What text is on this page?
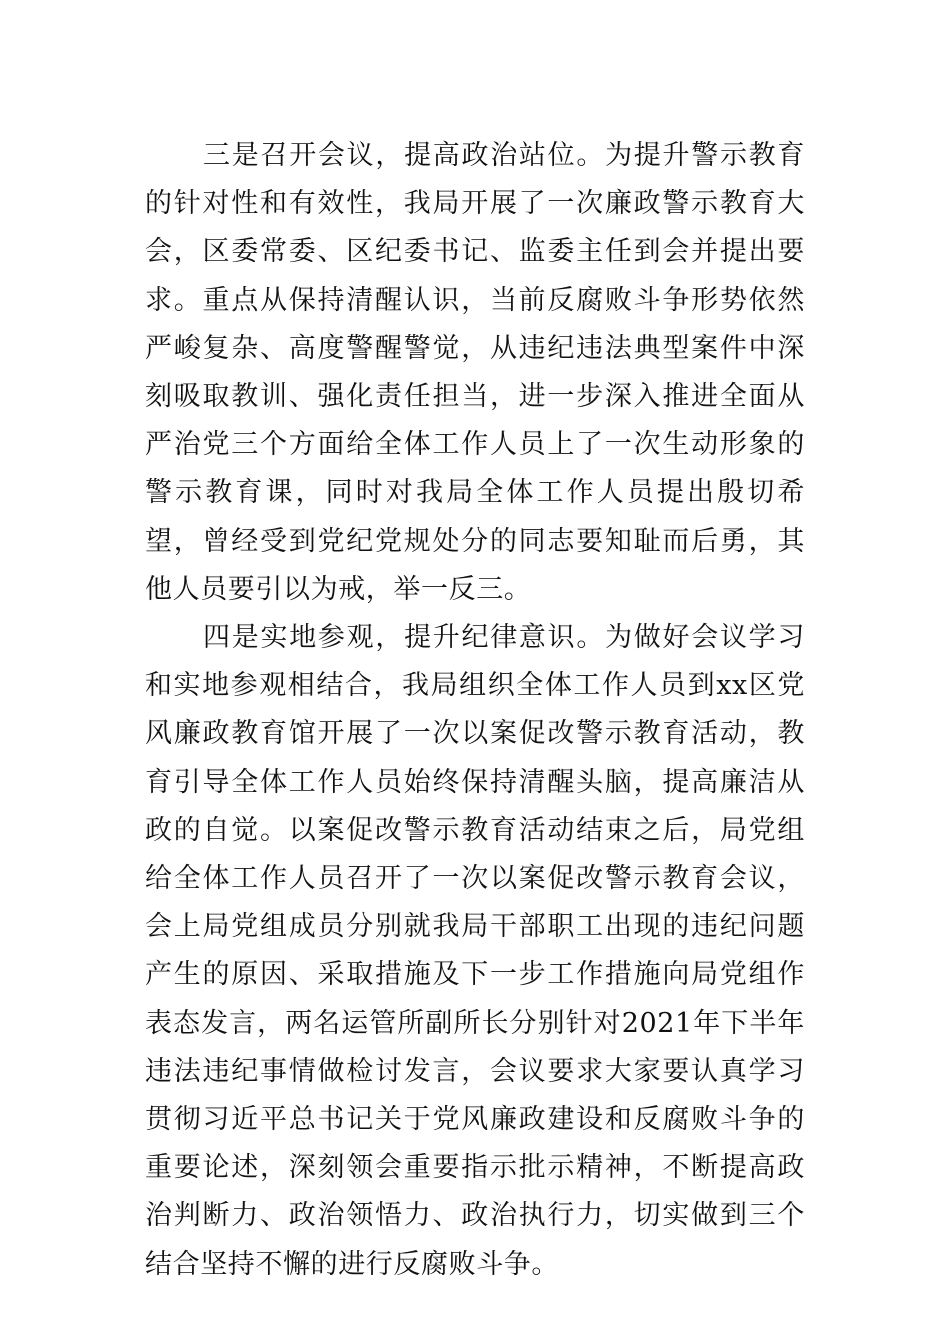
三是召开会议，提高政治站位。为提升警示教育的针对性和有效性，我局开展了一次廉政警示教育大会，区委常委、区纪委书记、监委主任到会并提出要求。重点从保持清醒认识，当前反腐败斗争形势依然严峻复杂、高度警醒警觉，从违纪违法典型案件中深刻吸取教训、强化责任担当，进一步深入推进全面从严治党三个方面给全体工作人员上了一次生动形象的警示教育课，同时对我局全体工作人员提出殷切希望，曾经受到党纪党规处分的同志要知耻而后勇，其他人员要引以为戒，举一反三。

四是实地参观，提升纪律意识。为做好会议学习和实地参观相结合，我局组织全体工作人员到xx区党风廉政教育馆开展了一次以案促改警示教育活动，教育引导全体工作人员始终保持清醒头脑，提高廉洁从政的自觉。以案促改警示教育活动结束之后，局党组给全体工作人员召开了一次以案促改警示教育会议，会上局党组成员分别就我局干部职工出现的违纪问题产生的原因、采取措施及下一步工作措施向局党组作表态发言，两名运管所副所长分别针对2021年下半年违法违纪事情做检讨发言，会议要求大家要认真学习贯彻习近平总书记关于党风廉政建设和反腐败斗争的重要论述，深刻领会重要指示批示精神，不断提高政治判断力、政治领悟力、政治执行力，切实做到三个结合坚持不懈的进行反腐败斗争。
